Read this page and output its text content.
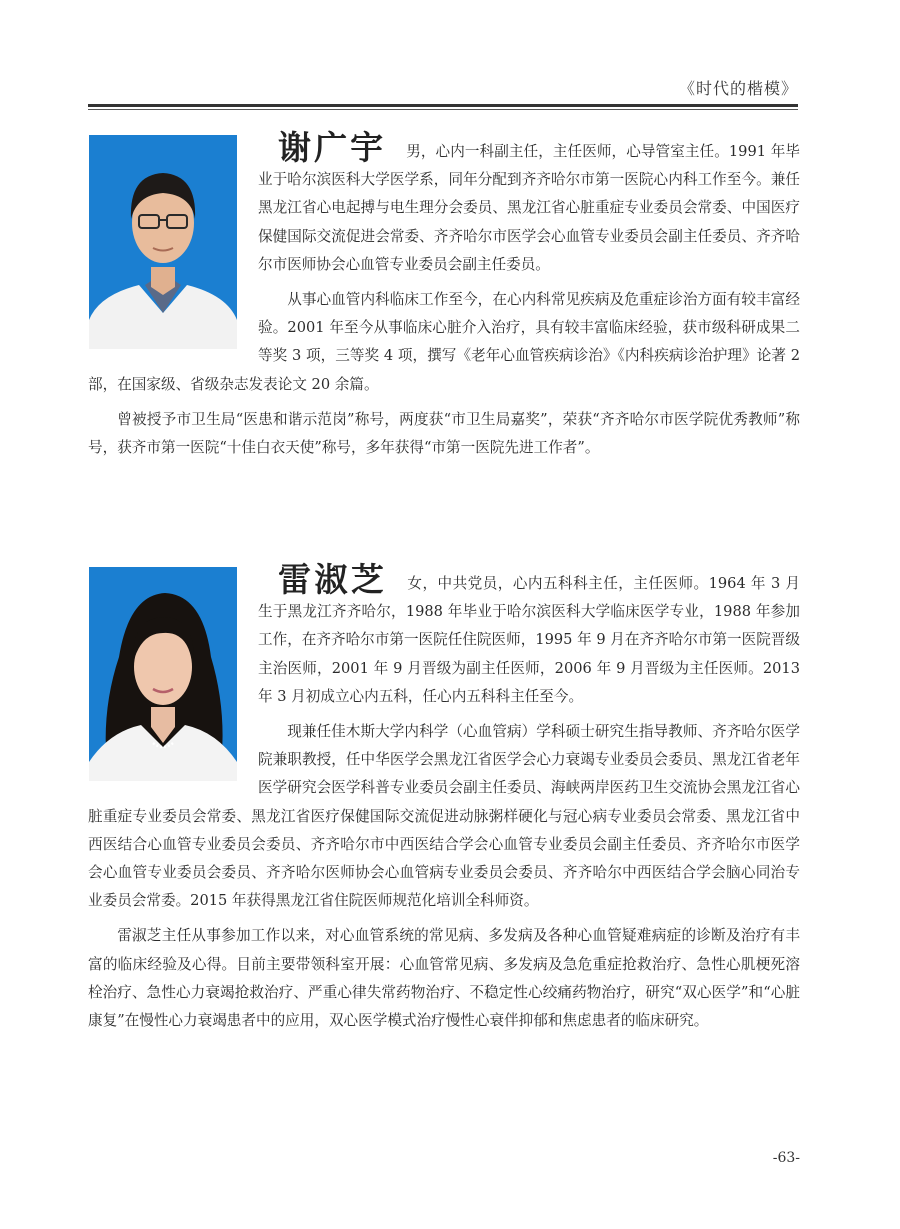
《时代的楷模》

谢广宇 男，心内一科副主任，主任医师，心导管室主任。1991 年毕业于哈尔滨医科大学医学系，同年分配到齐齐哈尔市第一医院心内科工作至今。兼任黑龙江省心电起搏与电生理分会委员、黑龙江省心脏重症专业委员会常委、中国医疗保健国际交流促进会常委、齐齐哈尔市医学会心血管专业委员会副主任委员、齐齐哈尔市医师协会心血管专业委员会副主任委员。

从事心血管内科临床工作至今，在心内科常见疾病及危重症诊治方面有较丰富经验。2001 年至今从事临床心脏介入治疗，具有较丰富临床经验，获市级科研成果二等奖 3 项，三等奖 4 项，撰写《老年心血管疾病诊治》《内科疾病诊治护理》论著 2 部，在国家级、省级杂志发表论文 20 余篇。

曾被授予市卫生局“医患和谐示范岗”称号，两度获“市卫生局嘉奖”，荣获“齐齐哈尔市医学院优秀教师”称号，获齐市第一医院“十佳白衣天使”称号，多年获得“市第一医院先进工作者”。

雷淑芝 女，中共党员，心内五科科主任，主任医师。1964 年 3 月生于黑龙江齐齐哈尔，1988 年毕业于哈尔滨医科大学临床医学专业，1988 年参加工作，在齐齐哈尔市第一医院任住院医师，1995 年 9 月在齐齐哈尔市第一医院晋级主治医师，2001 年 9 月晋级为副主任医师，2006 年 9 月晋级为主任医师。2013 年 3 月初成立心内五科，任心内五科科主任至今。

现兼任佳木斯大学内科学（心血管病）学科硕士研究生指导教师、齐齐哈尔医学院兼职教授，任中华医学会黑龙江省医学会心力衰竭专业委员会委员、黑龙江省老年医学研究会医学科普专业委员会副主任委员、海峡两岸医药卫生交流协会黑龙江省心脏重症专业委员会常委、黑龙江省医疗保健国际交流促进动脉粥样硬化与冠心病专业委员会常委、黑龙江省中西医结合心血管专业委员会委员、齐齐哈尔市中西医结合学会心血管专业委员会副主任委员、齐齐哈尔市医学会心血管专业委员会委员、齐齐哈尔医师协会心血管病专业委员会委员、齐齐哈尔中西医结合学会脑心同治专业委员会常委。2015 年获得黑龙江省住院医师规范化培训全科师资。

雷淑芝主任从事参加工作以来，对心血管系统的常见病、多发病及各种心血管疑难病症的诊断及治疗有丰富的临床经验及心得。目前主要带领科室开展：心血管常见病、多发病及急危重症抢救治疗、急性心肌梗死溶栓治疗、急性心力衰竭抢救治疗、严重心律失常药物治疗、不稳定性心绞痛药物治疗，研究“双心医学”和“心脏康复”在慢性心力衰竭患者中的应用，双心医学模式治疗慢性心衰伴抑郁和焦虑患者的临床研究。

-63-
